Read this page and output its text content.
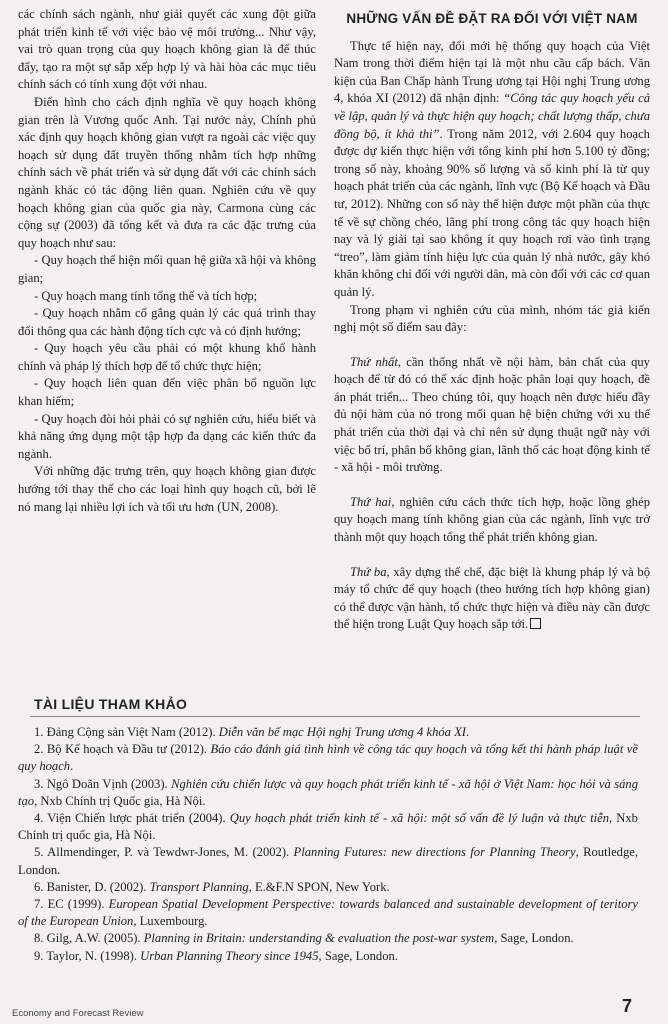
các chính sách ngành, như giải quyết các xung đột giữa phát triển kinh tế với việc bảo vệ môi trường... Như vậy, vai trò quan trọng của quy hoạch không gian là để thúc đẩy, tạo ra một sự sắp xếp hợp lý và hài hòa các mục tiêu chính sách có tính xung đột với nhau.

Điển hình cho cách định nghĩa về quy hoạch không gian trên là Vương quốc Anh. Tại nước này, Chính phủ xác định quy hoạch không gian vượt ra ngoài các việc quy hoạch sử dụng đất truyền thống nhằm tích hợp những chính sách về phát triển và sử dụng đất với các chính sách ngành khác có tác động liên quan. Nghiên cứu về quy hoạch không gian của quốc gia này, Carmona cùng các cộng sự (2003) đã tổng kết và đưa ra các đặc trưng của quy hoạch như sau:

- Quy hoạch thể hiện mối quan hệ giữa xã hội và không gian;

- Quy hoạch mang tính tổng thể và tích hợp;

- Quy hoạch nhằm cố gắng quản lý các quá trình thay đổi thông qua các hành động tích cực và có định hướng;

- Quy hoạch yêu cầu phải có một khung khổ hành chính và pháp lý thích hợp để tổ chức thực hiện;

- Quy hoạch liên quan đến việc phân bổ nguồn lực khan hiếm;

- Quy hoạch đòi hỏi phải có sự nghiên cứu, hiểu biết và khả năng ứng dụng một tập hợp đa dạng các kiến thức đa ngành.

Với những đặc trưng trên, quy hoạch không gian được hướng tới thay thế cho các loại hình quy hoạch cũ, bởi lẽ nó mang lại nhiều lợi ích và tối ưu hơn (UN, 2008).

NHỮNG VẤN ĐỀ ĐẶT RA ĐỐI VỚI VIỆT NAM

Thực tế hiện nay, đổi mới hệ thống quy hoạch của Việt Nam trong thời điểm hiện tại là một nhu cầu cấp bách. Văn kiện của Ban Chấp hành Trung ương tại Hội nghị Trung ương 4, khóa XI (2012) đã nhận định: “Công tác quy hoạch yếu cả về lập, quản lý và thực hiện quy hoạch; chất lượng thấp, chưa đồng bộ, ít khả thi”. Trong năm 2012, với 2.604 quy hoạch được dự kiến thực hiện với tổng kinh phí hơn 5.100 tỷ đồng; trong số này, khoảng 90% số lượng và số kinh phí là từ quy hoạch phát triển của các ngành, lĩnh vực (Bộ Kế hoạch và Đầu tư, 2012). Những con số này thể hiện được một phần của thực tế về sự chồng chéo, lãng phí trong công tác quy hoạch hiện nay và lý giải tại sao không ít quy hoạch rơi vào tình trạng “treo”, làm giảm tính hiệu lực của quản lý nhà nước, gây khó khăn không chỉ đối với người dân, mà còn đối với các cơ quan quản lý.

Trong phạm vi nghiên cứu của mình, nhóm tác giả kiến nghị một số điểm sau đây:

Thứ nhất, cần thống nhất về nội hàm, bản chất của quy hoạch để từ đó có thể xác định hoặc phân loại quy hoạch, đề án phát triển... Theo chúng tôi, quy hoạch nên được hiểu đầy đủ nội hàm của nó trong mối quan hệ biện chứng với xu thế phát triển của thời đại và chỉ nên sử dụng thuật ngữ này với việc bố trí, phân bố không gian, lãnh thổ các hoạt động kinh tế - xã hội - môi trường.

Thứ hai, nghiên cứu cách thức tích hợp, hoặc lồng ghép quy hoạch mang tính không gian của các ngành, lĩnh vực trở thành một quy hoạch tổng thể phát triển không gian.

Thứ ba, xây dựng thể chế, đặc biệt là khung pháp lý và bộ máy tổ chức để quy hoạch (theo hướng tích hợp không gian) có thể được vận hành, tổ chức thực hiện và điều này cần được thể hiện trong Luật Quy hoạch sắp tới.

TÀI LIỆU THAM KHẢO

1. Đảng Cộng sản Việt Nam (2012). Diễn văn bế mạc Hội nghị Trung ương 4 khóa XI.

2. Bộ Kế hoạch và Đầu tư (2012). Báo cáo đánh giá tình hình về công tác quy hoạch và tổng kết thi hành pháp luật về quy hoạch.

3. Ngô Doãn Vịnh (2003). Nghiên cứu chiến lược và quy hoạch phát triển kinh tế - xã hội ở Việt Nam: học hỏi và sáng tạo, Nxb Chính trị Quốc gia, Hà Nội.

4. Viện Chiến lược phát triển (2004). Quy hoạch phát triển kinh tế - xã hội: một số vấn đề lý luận và thực tiễn, Nxb Chính trị quốc gia, Hà Nội.

5. Allmendinger, P. và Tewdwr-Jones, M. (2002). Planning Futures: new directions for Planning Theory, Routledge, London.

6. Banister, D. (2002). Transport Planning, E.&F.N SPON, New York.

7. EC (1999). European Spatial Development Perspective: towards balanced and sustainable development of teritory of the European Union, Luxembourg.

8. Gilg, A.W. (2005). Planning in Britain: understanding & evaluation the post-war system, Sage, London.

9. Taylor, N. (1998). Urban Planning Theory since 1945, Sage, London.

Economy and Forecast Review	7
